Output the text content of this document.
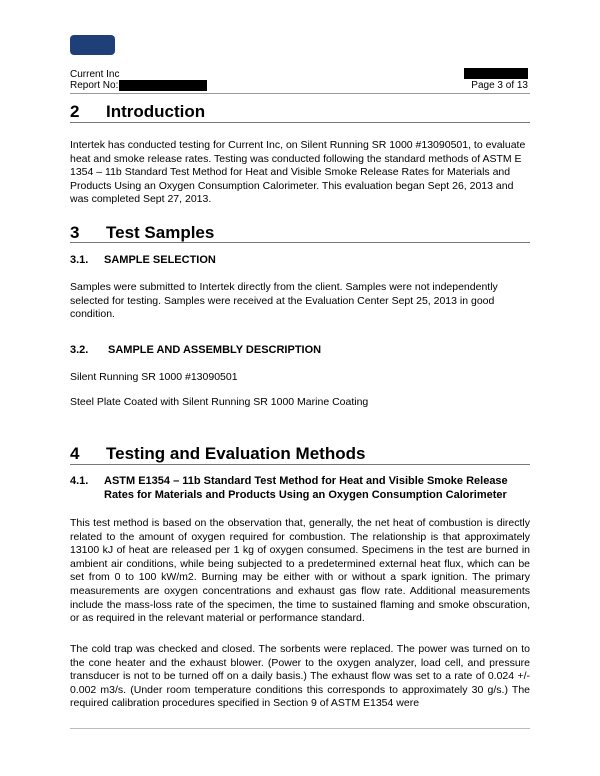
Current Inc
Report No:	Page 3 of 13
2 Introduction
Intertek has conducted testing for Current Inc, on Silent Running SR 1000 #13090501, to evaluate heat and smoke release rates. Testing was conducted following the standard methods of ASTM E 1354 – 11b Standard Test Method for Heat and Visible Smoke Release Rates for Materials and Products Using an Oxygen Consumption Calorimeter. This evaluation began Sept 26, 2013 and was completed Sept 27, 2013.
3 Test Samples
3.1. SAMPLE SELECTION
Samples were submitted to Intertek directly from the client. Samples were not independently selected for testing. Samples were received at the Evaluation Center Sept 25, 2013 in good condition.
3.2. SAMPLE AND ASSEMBLY DESCRIPTION
Silent Running SR 1000 #13090501
Steel Plate Coated with Silent Running SR 1000 Marine Coating
4 Testing and Evaluation Methods
4.1. ASTM E1354 – 11b Standard Test Method for Heat and Visible Smoke Release Rates for Materials and Products Using an Oxygen Consumption Calorimeter
This test method is based on the observation that, generally, the net heat of combustion is directly related to the amount of oxygen required for combustion. The relationship is that approximately 13100 kJ of heat are released per 1 kg of oxygen consumed. Specimens in the test are burned in ambient air conditions, while being subjected to a predetermined external heat flux, which can be set from 0 to 100 kW/m2. Burning may be either with or without a spark ignition. The primary measurements are oxygen concentrations and exhaust gas flow rate. Additional measurements include the mass-loss rate of the specimen, the time to sustained flaming and smoke obscuration, or as required in the relevant material or performance standard.
The cold trap was checked and closed. The sorbents were replaced. The power was turned on to the cone heater and the exhaust blower. (Power to the oxygen analyzer, load cell, and pressure transducer is not to be turned off on a daily basis.) The exhaust flow was set to a rate of 0.024 +/- 0.002 m3/s. (Under room temperature conditions this corresponds to approximately 30 g/s.) The required calibration procedures specified in Section 9 of ASTM E1354 were
